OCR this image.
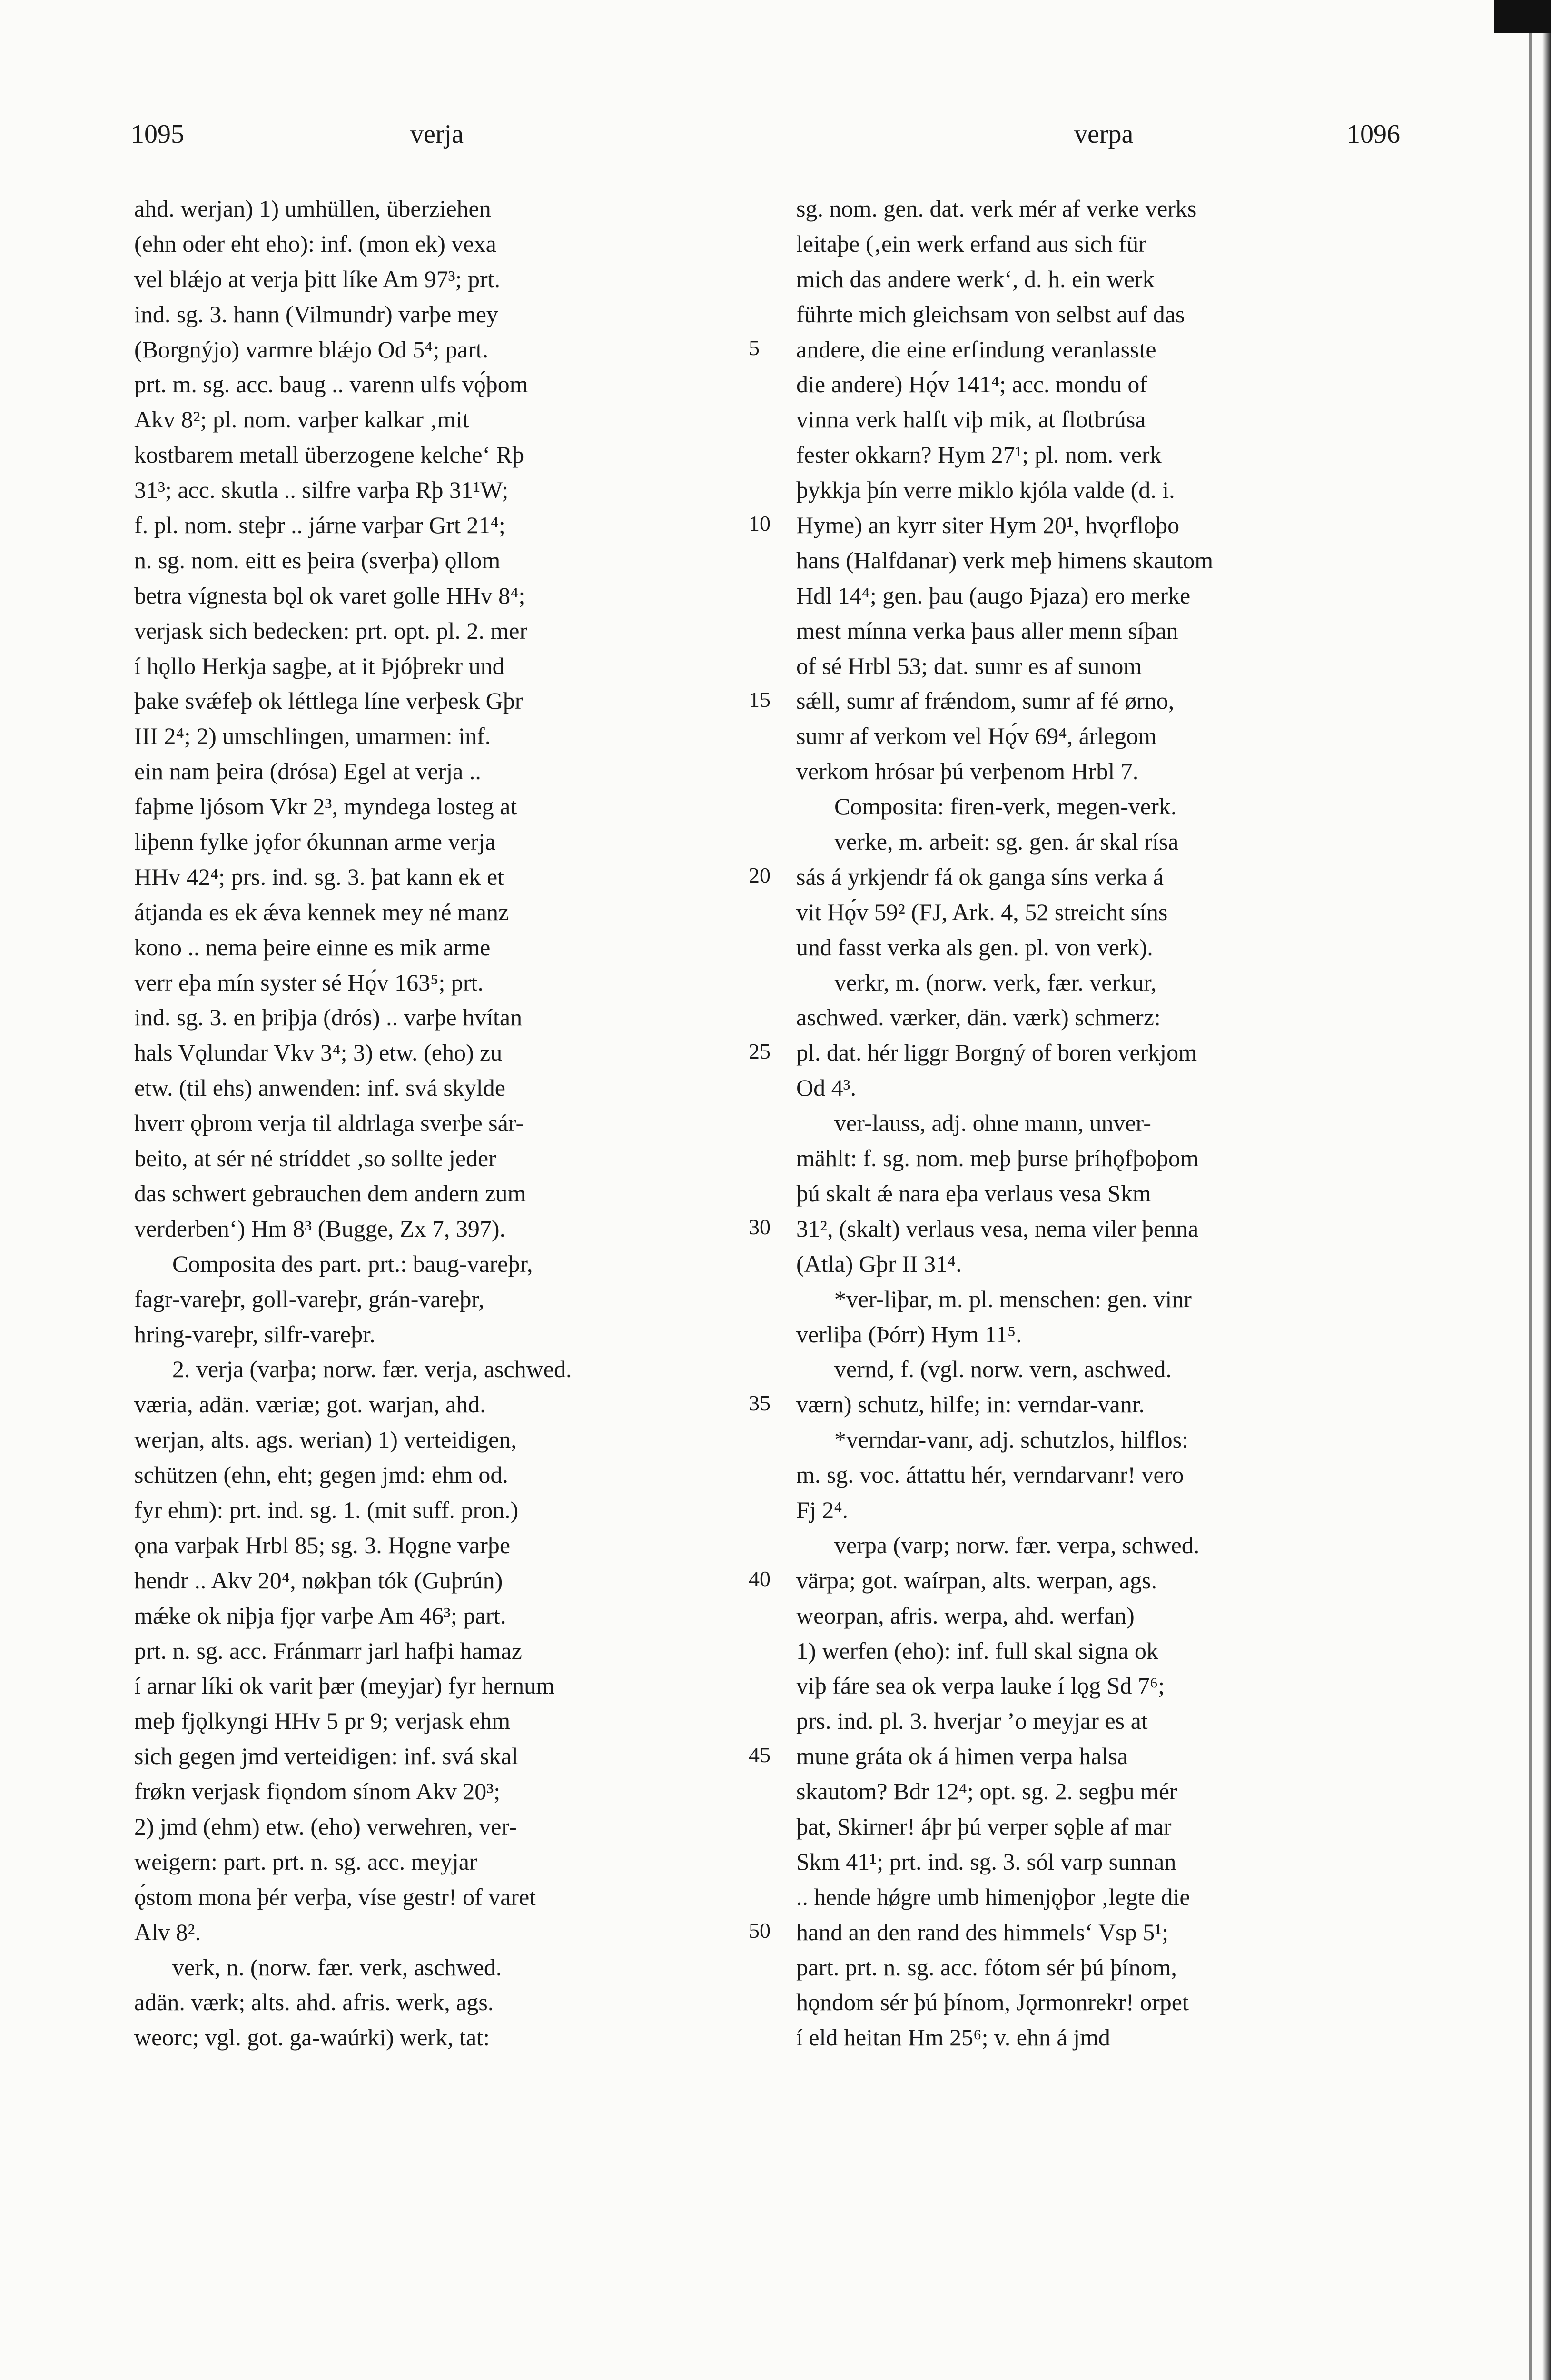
1095	verja	verpa	1096
ahd. werjan) 1) umhüllen, überziehen
(ehn oder eht eho): inf. (mon ek) vexa
vel blǽjo at verja þitt líke Am 97³; prt.
ind. sg. 3. hann (Vilmundr) varþe mey
(Borgnýjo) varmre blǽjo Od 5⁴; part.
prt. m. sg. acc. baug .. varenn ulfs vǫ́þom
Akv 8²; pl. nom. varþer kalkar ‚mit
kostbarem metall überzogene kelche‘ Rþ
31³; acc. skutla .. silfre varþa Rþ 31¹W;
f. pl. nom. steþr .. járne varþar Grt 21⁴;
n. sg. nom. eitt es þeira (sverþa) ǫllom
betra vígnesta bǫl ok varet golle HHv 8⁴;
verjask sich bedecken: prt. opt. pl. 2. mer
í hǫllo Herkja sagþe, at it Þjóþrekr und
þake svǽfeþ ok léttlega líne verþesk Gþr
III 2⁴; 2) umschlingen, umarmen: inf.
ein nam þeira (drósa) Egel at verja ..
faþme ljósom Vkr 2³, myndega losteg at
liþenn fylke jǫfor ókunnan arme verja
HHv 42⁴; prs. ind. sg. 3. þat kann ek et
átjanda es ek ǽva kennek mey né manz
kono .. nema þeire einne es mik arme
verr eþa mín syster sé Hǫ́v 163⁵; prt.
ind. sg. 3. en þriþja (drós) .. varþe hvítan
hals Vǫlundar Vkv 3⁴; 3) etw. (eho) zu
etw. (til ehs) anwenden: inf. svá skylde
hverr ǫþrom verja til aldrlaga sverþe sár-
beito, at sér né stríddet ‚so sollte jeder
das schwert gebrauchen dem andern zum
verderben‘) Hm 8³ (Bugge, Zx 7, 397).
Composita des part. prt.: baug-vareþr,
fagr-vareþr, goll-vareþr, grán-vareþr,
hring-vareþr, silfr-vareþr.
2. verja (varþa; norw. fær. verja, aschwed.
væria, adän. væriæ; got. warjan, ahd.
werjan, alts. ags. werian) 1) verteidigen,
schützen (ehn, eht; gegen jmd: ehm od.
fyr ehm): prt. ind. sg. 1. (mit suff. pron.)
ǫna varþak Hrbl 85; sg. 3. Hǫgne varþe
hendr .. Akv 20⁴, nøkþan tók (Guþrún)
mǽke ok niþja fjǫr varþe Am 46³; part.
prt. n. sg. acc. Fránmarr jarl hafþi hamaz
í arnar líki ok varit þær (meyjar) fyr hernum
meþ fjǫlkyngi HHv 5 pr 9; verjask ehm
sich gegen jmd verteidigen: inf. svá skal
frøkn verjask fiǫndom sínom Akv 20³;
2) jmd (ehm) etw. (eho) verwehren, ver-
weigern: part. prt. n. sg. acc. meyjar
ǫ́stom mona þér verþa, víse gestr! of varet
Alv 8².
verk, n. (norw. fær. verk, aschwed.
adän. værk; alts. ahd. afris. werk, ags.
weorc; vgl. got. ga-waúrki) werk, tat:
sg. nom. gen. dat. verk mér af verke verks
leitaþe (‚ein werk erfand aus sich für
mich das andere werk‘, d. h. ein werk
führte mich gleichsam von selbst auf das
andere, die eine erfindung veranlasste
die andere) Hǫ́v 141⁴; acc. mondu of
vinna verk halft viþ mik, at flotbrúsa
fester okkarn? Hym 27¹; pl. nom. verk
þykkja þín verre miklo kjóla valde (d. i.
Hyme) an kyrr siter Hym 20¹, hvǫrfloþo
hans (Halfdanar) verk meþ himens skautom
Hdl 14⁴; gen. þau (augo Þjaza) ero merke
mest mínna verka þaus aller menn síþan
of sé Hrbl 53; dat. sumr es af sunom
sǽll, sumr af frǽndom, sumr af fé ørno,
sumr af verkom vel Hǫ́v 69⁴, árlegom
verkom hrósar þú verþenom Hrbl 7.
Composita: firen-verk, megen-verk.
verke, m. arbeit: sg. gen. ár skal rísa
sás á yrkjendr fá ok ganga síns verka á
vit Hǫ́v 59² (FJ, Ark. 4, 52 streicht síns
und fasst verka als gen. pl. von verk).
verkr, m. (norw. verk, fær. verkur,
aschwed. værker, dän. værk) schmerz:
pl. dat. hér liggr Borgný of boren verkjom
Od 4³.
ver-lauss, adj. ohne mann, unver-
mählt: f. sg. nom. meþ þurse þríhǫfþoþom
þú skalt ǽ nara eþa verlaus vesa Skm
31², (skalt) verlaus vesa, nema viler þenna
(Atla) Gþr II 31⁴.
*ver-liþar, m. pl. menschen: gen. vinr
verliþa (Þórr) Hym 11⁵.
vernd, f. (vgl. norw. vern, aschwed.
værn) schutz, hilfe; in: verndar-vanr.
*verndar-vanr, adj. schutzlos, hilflos:
m. sg. voc. áttattu hér, verndarvanr! vero
Fj 2⁴.
verpa (varp; norw. fær. verpa, schwed.
värpa; got. waírpan, alts. werpan, ags.
weorpan, afris. werpa, ahd. werfan)
1) werfen (eho): inf. full skal signa ok
viþ fáre sea ok verpa lauke í lǫg Sd 7⁶;
prs. ind. pl. 3. hverjar ’o meyjar es at
mune gráta ok á himen verpa halsa
skautom? Bdr 12⁴; opt. sg. 2. segþu mér
þat, Skirner! áþr þú verper sǫþle af mar
Skm 41¹; prt. ind. sg. 3. sól varp sunnan
.. hende hǿgre umb himenjǫþor ‚legte die
hand an den rand des himmels‘ Vsp 5¹;
part. prt. n. sg. acc. fótom sér þú þínom,
hǫndom sér þú þínom, Jǫrmonrekr! orpet
í eld heitan Hm 25⁶; v. ehn á jmd
5
10
15
20
25
30
35
40
45
50
